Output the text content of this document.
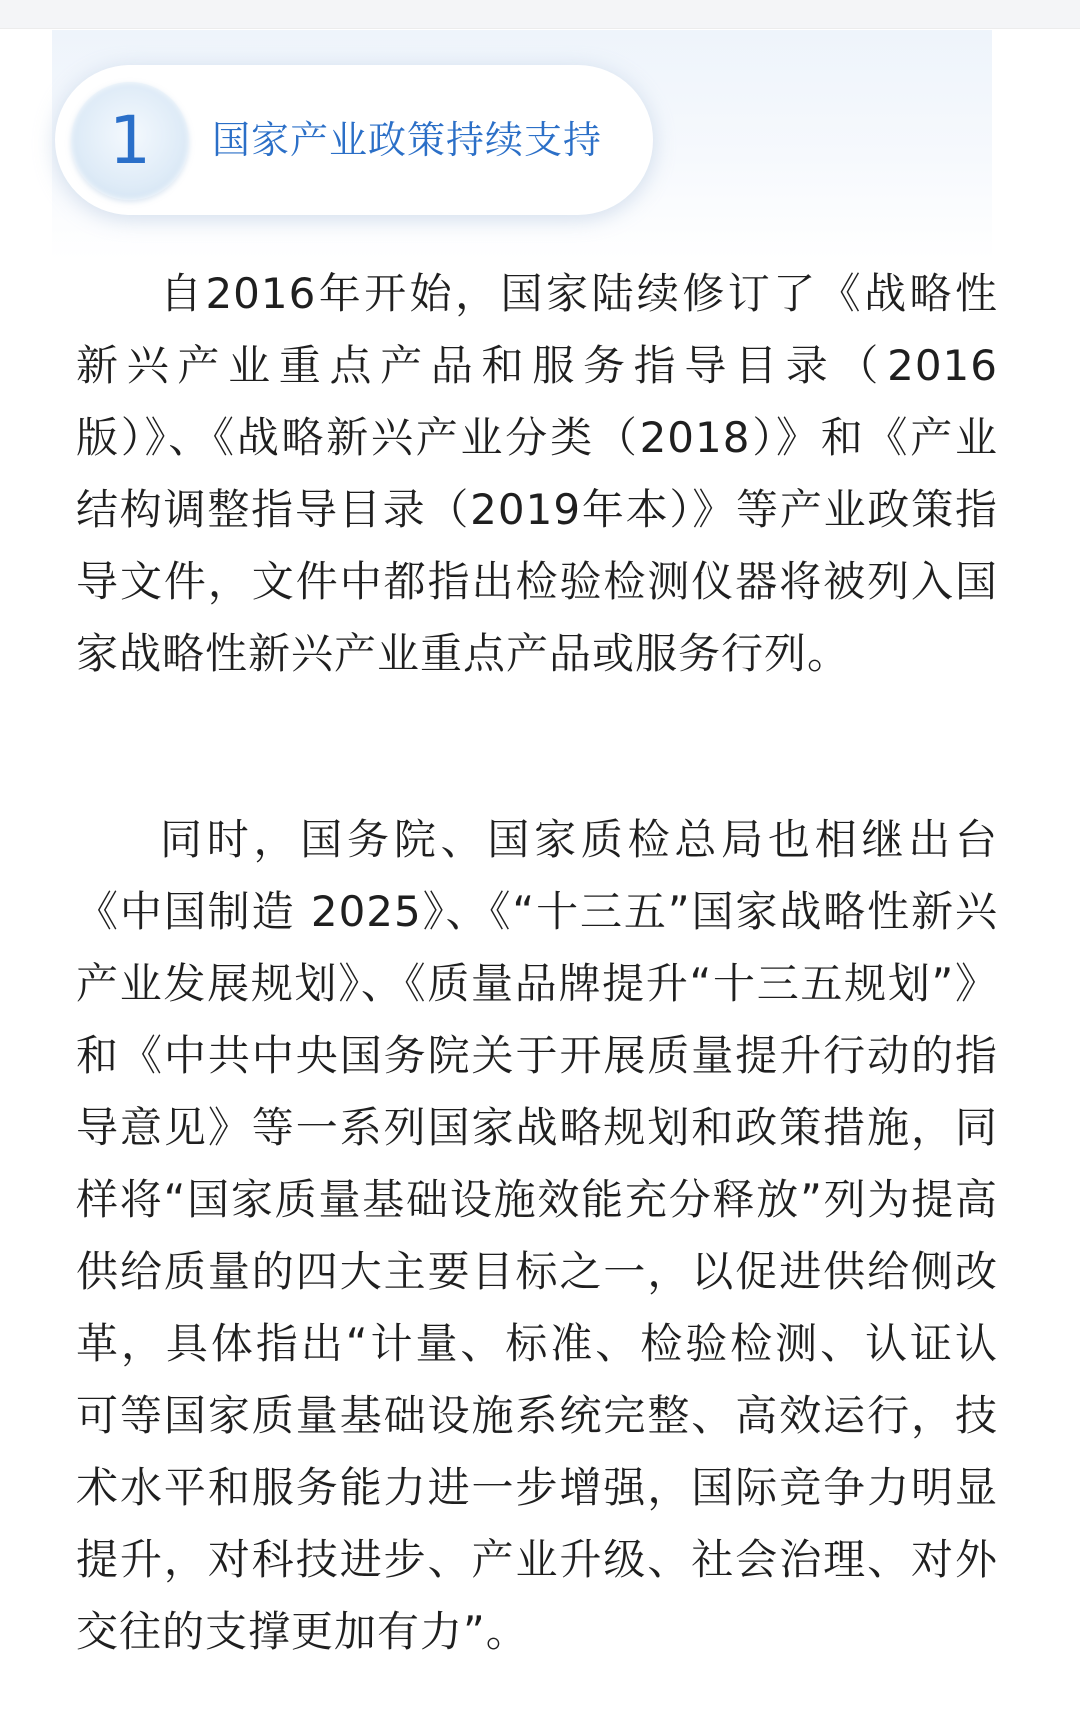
1	国家产业政策持续支持

自2016年开始，国家陆续修订了《战略性新兴产业重点产品和服务指导目录（2016版）》、《战略新兴产业分类（2018）》和《产业结构调整指导目录（2019年本）》等产业政策指导文件，文件中都指出检验检测仪器将被列入国家战略性新兴产业重点产品或服务行列。

同时，国务院、国家质检总局也相继出台《中国制造 2025》、《“十三五”国家战略性新兴产业发展规划》、《质量品牌提升“十三五规划”》和《中共中央国务院关于开展质量提升行动的指导意见》等一系列国家战略规划和政策措施，同样将“国家质量基础设施效能充分释放”列为提高供给质量的四大主要目标之一，以促进供给侧改革，具体指出“计量、标准、检验检测、认证认可等国家质量基础设施系统完整、高效运行，技术水平和服务能力进一步增强，国际竞争力明显提升，对科技进步、产业升级、社会治理、对外交往的支撑更加有力”。
